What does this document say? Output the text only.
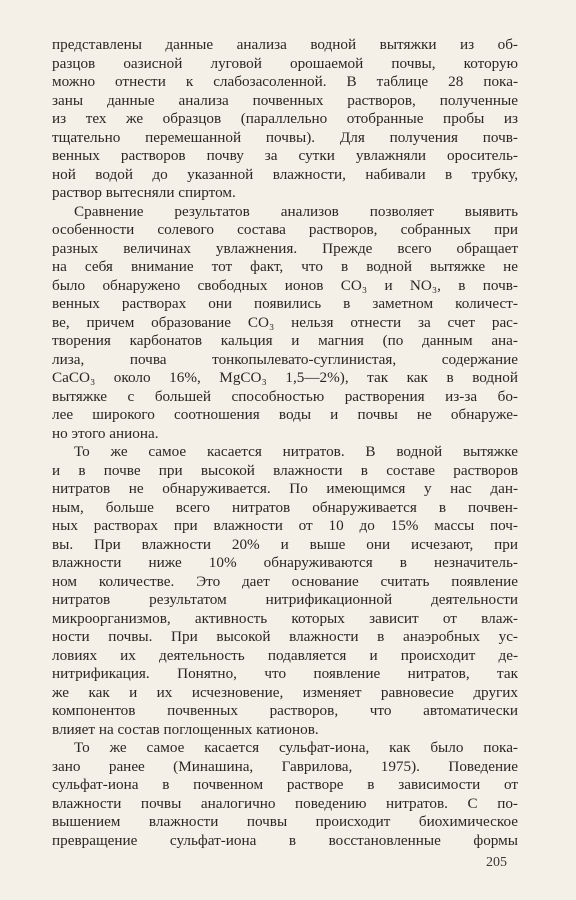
представлены данные анализа водной вытяжки из об-
разцов оазисной луговой орошаемой почвы, которую
можно отнести к слабозасоленной. В таблице 28 пока-
заны данные анализа почвенных растворов, полученные
из тех же образцов (параллельно отобранные пробы из
тщательно перемешанной почвы). Для получения почв-
венных растворов почву за сутки увлажняли ороситель-
ной водой до указанной влажности, набивали в трубку,
раствор вытесняли спиртом.
Сравнение результатов анализов позволяет выявить
особенности солевого состава растворов, собранных при
разных величинах увлажнения. Прежде всего обращает
на себя внимание тот факт, что в водной вытяжке не
было обнаружено свободных ионов CO₃ и NO₃, в почв-
венных растворах они появились в заметном количест-
ве, причем образование CO₃ нельзя отнести за счет рас-
творения карбонатов кальция и магния (по данным ана-
лиза, почва тонкопылевато-суглинистая, содержание
CaCO₃ около 16%, MgCO₃ 1,5—2%), так как в водной
вытяжке с большей способностью растворения из-за бо-
лее широкого соотношения воды и почвы не обнаруже-
но этого аниона.
То же самое касается нитратов. В водной вытяжке
и в почве при высокой влажности в составе растворов
нитратов не обнаруживается. По имеющимся у нас дан-
ным, больше всего нитратов обнаруживается в почвен-
ных растворах при влажности от 10 до 15% массы поч-
вы. При влажности 20% и выше они исчезают, при
влажности ниже 10% обнаруживаются в незначитель-
ном количестве. Это дает основание считать появление
нитратов результатом нитрификационной деятельности
микроорганизмов, активность которых зависит от влаж-
ности почвы. При высокой влажности в анаэробных ус-
ловиях их деятельность подавляется и происходит де-
нитрификация. Понятно, что появление нитратов, так
же как и их исчезновение, изменяет равновесие других
компонентов почвенных растворов, что автоматически
влияет на состав поглощенных катионов.
То же самое касается сульфат-иона, как было пока-
зано ранее (Минашина, Гаврилова, 1975). Поведение
сульфат-иона в почвенном растворе в зависимости от
влажности почвы аналогично поведению нитратов. С по-
вышением влажности почвы происходит биохимическое
превращение сульфат-иона в восстановленные формы
205
